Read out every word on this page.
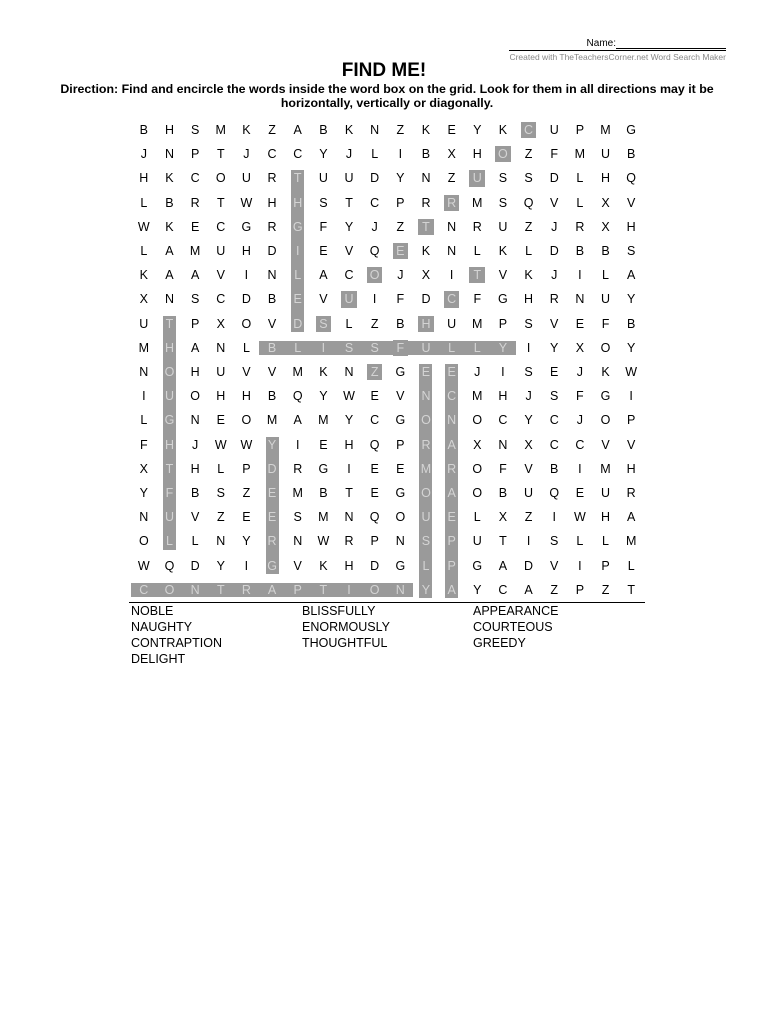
Name:
Created with TheTeachersCorner.net Word Search Maker
FIND ME!
Direction: Find and encircle the words inside the word box on the grid. Look for them in all directions may it be horizontally, vertically or diagonally.
B	H	S	M	K	Z	A	B	K	N	Z	K	E	Y	K	C	U	P	M	G
J	N	P	T	J	C	C	Y	J	L	I	B	X	H	O	Z	F	M	U	B
H	K	C	O	U	R	T	U	U	D	Y	N	Z	U	S	S	D	L	H	Q
L	B	R	T	W	H	H	S	T	C	P	R	R	M	S	Q	V	L	X	V
W	K	E	C	G	R	G	F	Y	J	Z	T	N	R	U	Z	J	R	X	H
L	A	M	U	H	D	I	E	V	Q	E	K	N	L	K	L	D	B	B	S
K	A	A	V	I	N	L	A	C	O	J	X	I	T	V	K	J	I	L	A
X	N	S	C	D	B	E	V	U	I	F	D	C	F	G	H	R	N	U	Y
U	T	P	X	O	V	D	S	L	Z	B	H	U	M	P	S	V	E	F	B
M	H	A	N	L	B	L	I	S	S	F	U	L	L	Y	I	Y	X	O	Y
N	O	H	U	V	V	M	K	N	Z	G	E	E	J	I	S	E	J	K	W
I	U	O	H	H	B	Q	Y	W	E	V	N	C	M	H	J	S	F	G	I
L	G	N	E	O	M	A	M	Y	C	G	O	N	O	C	Y	C	J	O	P
F	H	J	W	W	Y	I	E	H	Q	P	R	A	X	N	X	C	C	V	V
X	T	H	L	P	D	R	G	I	E	E	M	R	O	F	V	B	I	M	H
Y	F	B	S	Z	E	M	B	T	E	G	O	A	O	B	U	Q	E	U	R
N	U	V	Z	E	E	S	M	N	Q	O	U	E	L	X	Z	I	W	H	A
O	L	L	N	Y	R	N	W	R	P	N	S	P	U	T	I	S	L	L	M
W	Q	D	Y	I	G	V	K	H	D	G	L	P	G	A	D	V	I	P	L
C	O	N	T	R	A	P	T	I	O	N	Y	A	Y	C	A	Z	P	Z	T
NOBLE
NAUGHTY
CONTRAPTION
DELIGHT
BLISSFULLY
ENORMOUSLY
THOUGHTFUL
APPEARANCE
COURTEOUS
GREEDY
